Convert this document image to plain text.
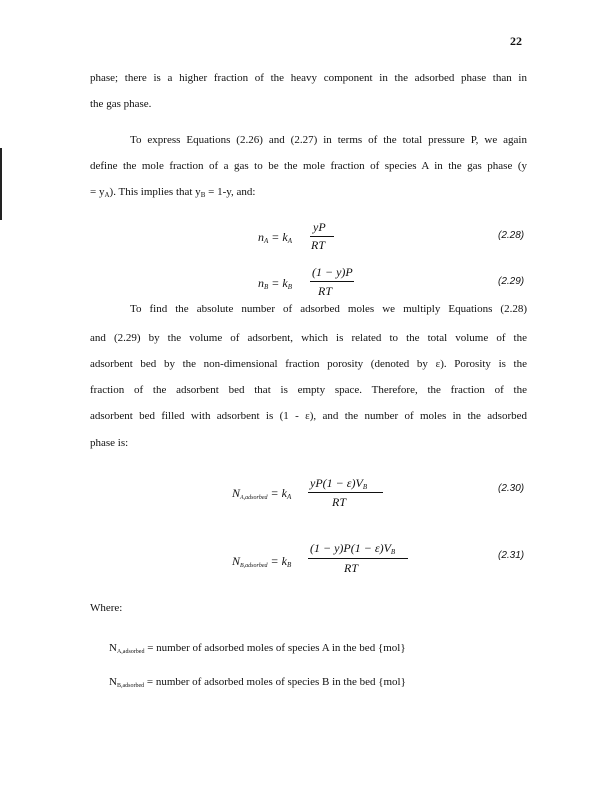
22
phase; there is a higher fraction of the heavy component in the adsorbed phase than in
the gas phase.
To express Equations (2.26) and (2.27) in terms of the total pressure P, we again
define the mole fraction of a gas to be the mole fraction of species A in the gas phase (y
= $y_A$). This implies that $y_B = 1-y$, and:
$n_A = k_A$
yP
RT
(2.28)
$n_B = k_B$
(1 − y)P
RT
(2.29)
To find the absolute number of adsorbed moles we multiply Equations (2.28)
and (2.29) by the volume of adsorbent, which is related to the total volume of the
adsorbent bed by the non-dimensional fraction porosity (denoted by ε). Porosity is the
fraction of the adsorbent bed that is empty space. Therefore, the fraction of the
adsorbent bed filled with adsorbent is (1 - ε), and the number of moles in the adsorbed
phase is:
NA,adsorbed = $k_A$
$yP(1 - \varepsilon)V_B$
RT
(2.30)
NB,adsorbed = $k_B$
$(1 - y)P(1 - \varepsilon)V_B$
RT
(2.31)
Where:
NA,adsorbed = number of adsorbed moles of species A in the bed {mol}
NB,adsorbed = number of adsorbed moles of species B in the bed {mol}
